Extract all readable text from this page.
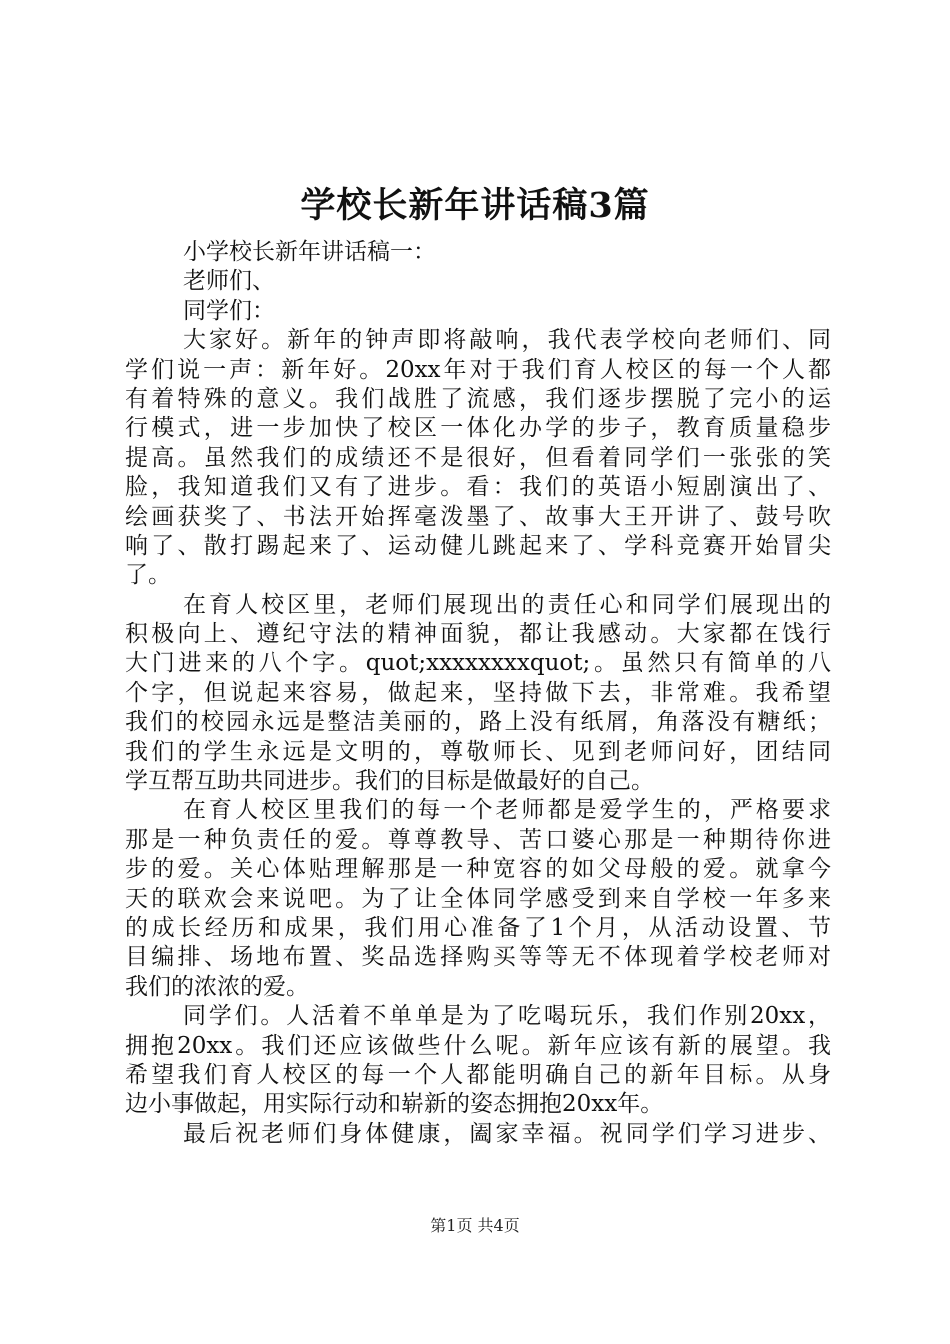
学校长新年讲话稿3篇
小学校长新年讲话稿一：
老师们、
同学们：
大家好。新年的钟声即将敲响，我代表学校向老师们、同
学们说一声：新年好。20xx年对于我们育人校区的每一个人都
有着特殊的意义。我们战胜了流感，我们逐步摆脱了完小的运
行模式，进一步加快了校区一体化办学的步子，教育质量稳步
提高。虽然我们的成绩还不是很好，但看着同学们一张张的笑
脸，我知道我们又有了进步。看：我们的英语小短剧演出了、
绘画获奖了、书法开始挥毫泼墨了、故事大王开讲了、鼓号吹
响了、散打踢起来了、运动健儿跳起来了、学科竞赛开始冒尖
了。
在育人校区里，老师们展现出的责任心和同学们展现出的
积极向上、遵纪守法的精神面貌，都让我感动。大家都在饯行
大门进来的八个字。quot;xxxxxxxxquot;。虽然只有简单的八
个字，但说起来容易，做起来，坚持做下去，非常难。我希望
我们的校园永远是整洁美丽的，路上没有纸屑，角落没有糖纸；
我们的学生永远是文明的，尊敬师长、见到老师问好，团结同
学互帮互助共同进步。我们的目标是做最好的自己。
在育人校区里我们的每一个老师都是爱学生的，严格要求
那是一种负责任的爱。尊尊教导、苦口婆心那是一种期待你进
步的爱。关心体贴理解那是一种宽容的如父母般的爱。就拿今
天的联欢会来说吧。为了让全体同学感受到来自学校一年多来
的成长经历和成果，我们用心准备了1个月，从活动设置、节
目编排、场地布置、奖品选择购买等等无不体现着学校老师对
我们的浓浓的爱。
同学们。人活着不单单是为了吃喝玩乐，我们作别20xx，
拥抱20xx。我们还应该做些什么呢。新年应该有新的展望。我
希望我们育人校区的每一个人都能明确自己的新年目标。从身
边小事做起，用实际行动和崭新的姿态拥抱20xx年。
最后祝老师们身体健康，阖家幸福。祝同学们学习进步、
第1页 共4页
